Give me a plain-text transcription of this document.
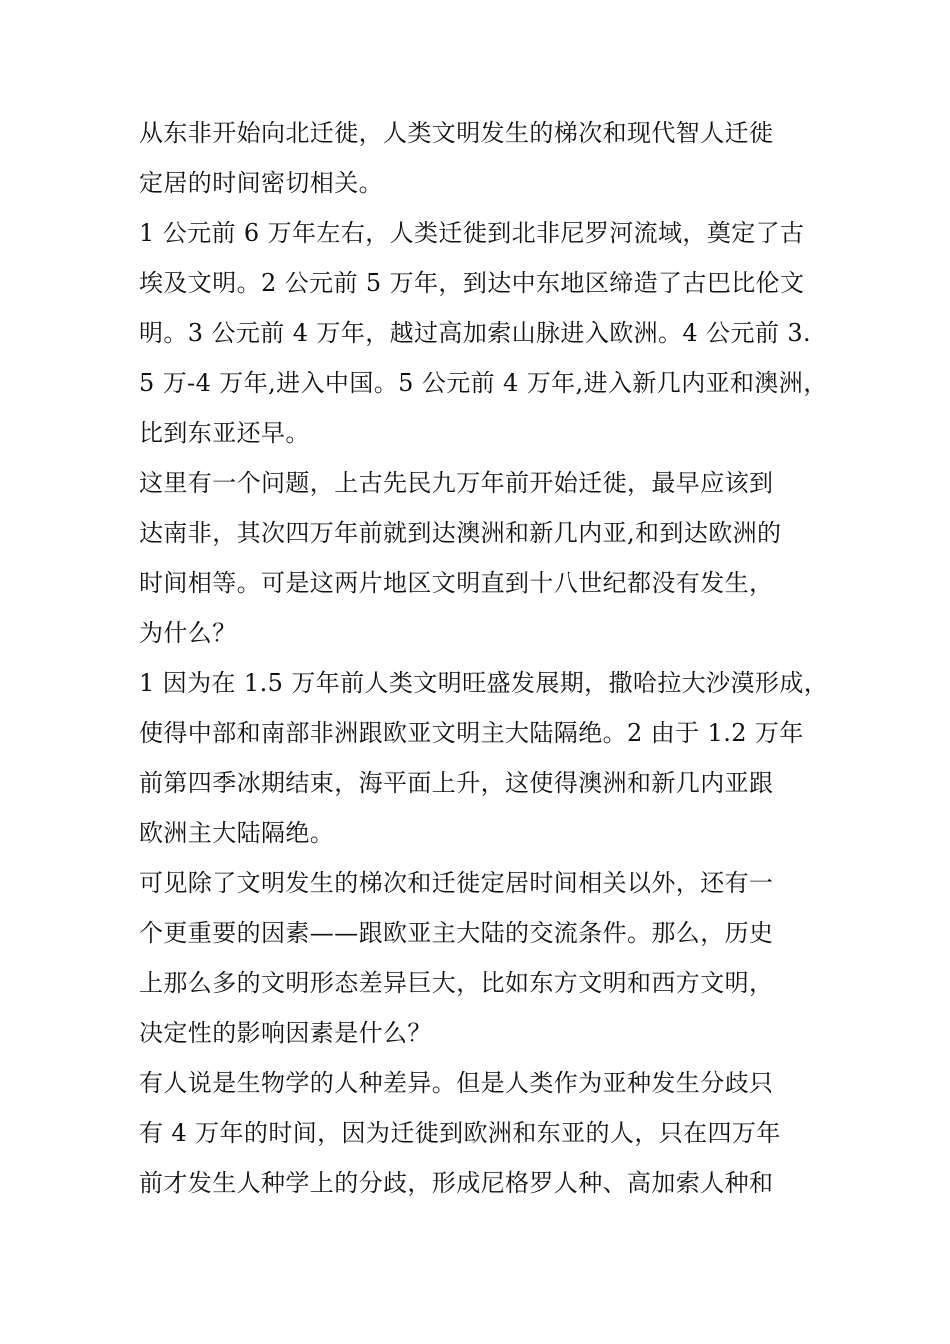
从东非开始向北迁徙，人类文明发生的梯次和现代智人迁徙
定居的时间密切相关。

1 公元前 6 万年左右，人类迁徙到北非尼罗河流域，奠定了古
埃及文明。2 公元前 5 万年，到达中东地区缔造了古巴比伦文
明。3 公元前 4 万年，越过高加索山脉进入欧洲。4 公元前 3.
5 万-4 万年,进入中国。5 公元前 4 万年,进入新几内亚和澳洲，
比到东亚还早。

这里有一个问题，上古先民九万年前开始迁徙，最早应该到
达南非，其次四万年前就到达澳洲和新几内亚,和到达欧洲的
时间相等。可是这两片地区文明直到十八世纪都没有发生，
为什么？

1 因为在 1.5 万年前人类文明旺盛发展期，撒哈拉大沙漠形成，
使得中部和南部非洲跟欧亚文明主大陆隔绝。2 由于 1.2 万年
前第四季冰期结束，海平面上升，这使得澳洲和新几内亚跟
欧洲主大陆隔绝。

可见除了文明发生的梯次和迁徙定居时间相关以外，还有一
个更重要的因素——跟欧亚主大陆的交流条件。那么，历史
上那么多的文明形态差异巨大，比如东方文明和西方文明，
决定性的影响因素是什么？

有人说是生物学的人种差异。但是人类作为亚种发生分歧只
有 4 万年的时间，因为迁徙到欧洲和东亚的人，只在四万年
前才发生人种学上的分歧，形成尼格罗人种、高加索人种和
